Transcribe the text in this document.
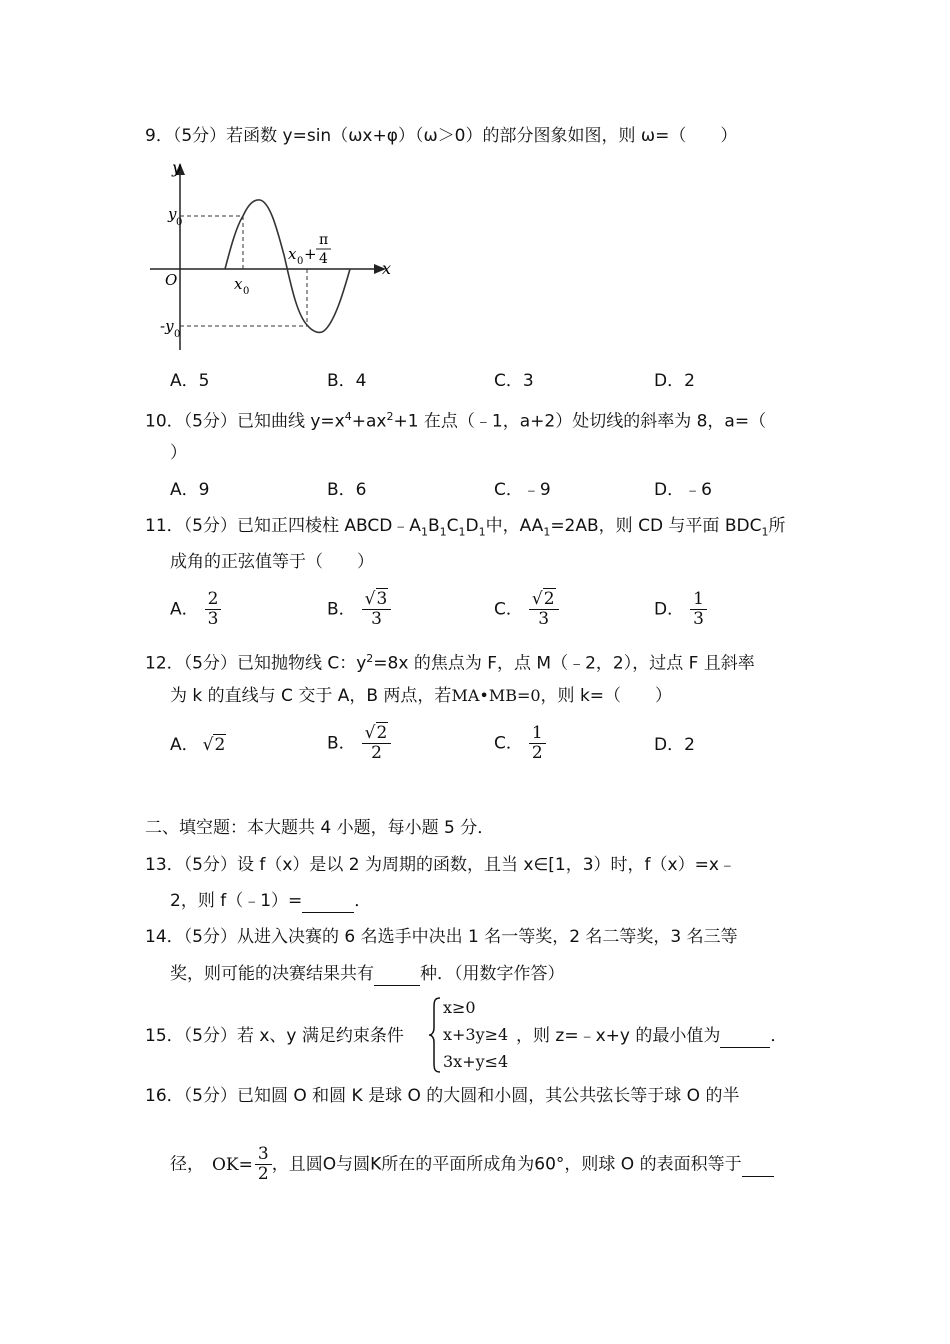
9．（5分）若函数 y=sin（ωx+φ）（ω＞0）的部分图象如图，则 ω=（　　）
y
x
O
y 0
x 0
-y 0
x 0 +
π
4
A．5	B．4	C．3	D．2
10．（5分）已知曲线 $y=x^4+ax^2+1$ 在点（﹣1，a+2）处切线的斜率为 8，a=（
）
A．9	B．6	C．﹣9	D．﹣6
11．（5分）已知正四棱柱 $ABCD﹣A_1B_1C_1D_1$中，$AA_1=2AB$，则 CD 与平面 $BDC_1$所
成角的正弦值等于（　　）
A． $\frac{2}{3}$	B． $\frac{√3}{3}$	C． $\frac{√2}{3}$	D． $\frac{1}{3}$
12．（5分）已知抛物线 C：$y^2=8x$ 的焦点为 F，点 M（﹣2，2），过点 F 且斜率
为 k 的直线与 C 交于 A，B 两点，若MA•MB=0，则 k=（　　）
A． √2	B． $\frac{√2}{2}$	C． $\frac{1}{2}$	D．2
二、填空题：本大题共 4 小题，每小题 5 分．
13．（5分）设 f（x）是以 2 为周期的函数，且当 x∈[1，3）时，f（x）=x﹣
2，则 f（﹣1）=	．
14．（5分）从进入决赛的 6 名选手中决出 1 名一等奖，2 名二等奖，3 名三等
奖，则可能的决赛结果共有	种．（用数字作答）
15．（5分）若 x、y 满足约束条件
x≥0
x+3y≥4
3x+y≤4
，则 z=﹣x+y 的最小值为	．
16．（5分）已知圆 O 和圆 K 是球 O 的大圆和小圆，其公共弦长等于球 O 的半
径， $OK= \frac{3}{2}$ ，且圆O与圆K所在的平面所成角为60°，则球 O 的表面积等于
